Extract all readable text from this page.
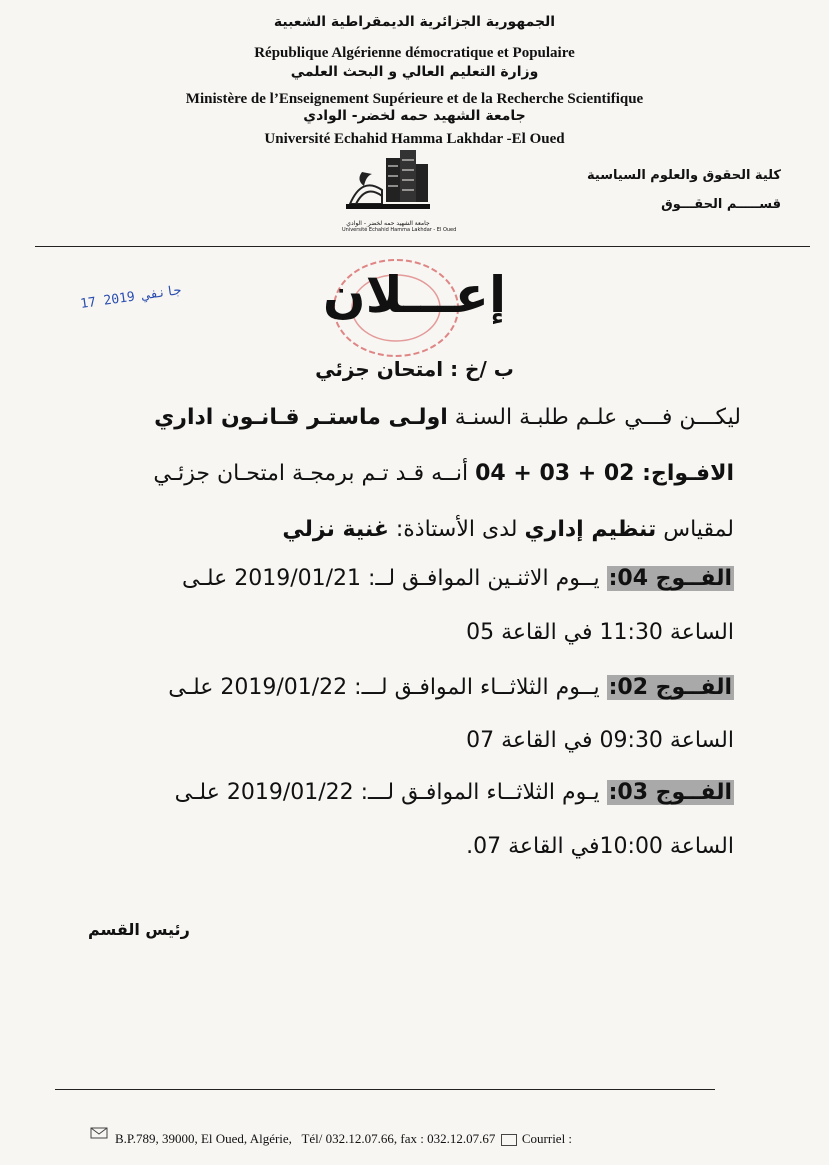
الجمهورية الجزائرية الديمقراطية الشعبية
République Algérienne démocratique et Populaire
وزارة التعليم العالي و البحث العلمي
Ministère de l’Enseignement Supérieure et de la Recherche Scientifique
جامعة الشهيد حمه لخضر- الوادي
Université Echahid Hamma Lakhdar -El Oued
جامعة الشهيد حمه لخضر - الوادي
Université Echahid Hamma Lakhdar - El Oued
كلية الحقوق والعلوم السياسية
قســـــم الحقـــوق
17 جانفي 2019	إعـــلان
ب /خ : امتحان جزئي
ليكـــن فـــي علـم طلبـة السنـة اولـى ماستـر قـانـون اداري
الافـواج: 02 + 03 + 04 أنــه قـد تـم برمجـة امتحـان جزئـي
لمقياس تنظيم إداري لدى الأستاذة: غنية نزلي
الفــوج 04: يــوم الاثنـين الموافـق لــ: 2019/01/21 علـى
الساعة 11:30 في القاعة 05
الفــوج 02: يــوم الثلاثــاء الموافـق لـــ: 2019/01/22 علـى
الساعة 09:30 في القاعة 07
الفــوج 03: يـوم الثلاثــاء الموافـق لـــ: 2019/01/22 علـى
الساعة 10:00في القاعة 07.
رئيس القسم
B.P.789, 39000, El Oued, Algérie, Tél/ 032.12.07.66, fax : 032.12.07.67 Courriel :
